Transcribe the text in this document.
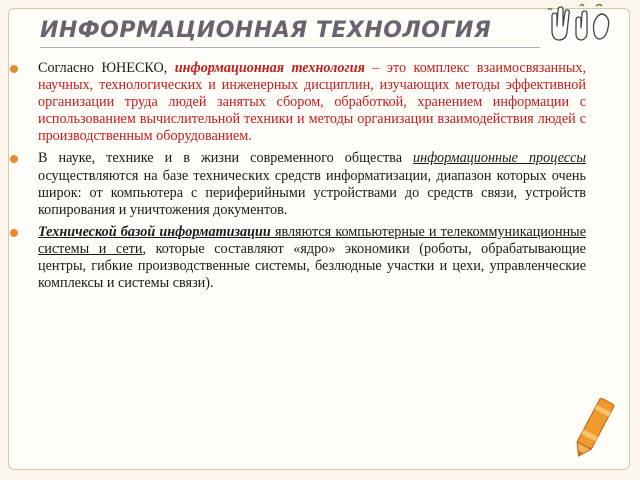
ИНФОРМАЦИОННАЯ ТЕХНОЛОГИЯ
Согласно ЮНЕСКО, информационная технология – это комплекс взаимосвязанных, научных, технологических и инженерных дисциплин, изучающих методы эффективной организации труда людей занятых сбором, обработкой, хранением информации с использованием вычислительной техники и методы организации взаимодействия людей с производственным оборудованием.
В науке, технике и в жизни современного общества информационные процессы осуществляются на базе технических средств информатизации, диапазон которых очень широк: от компьютера с периферийными устройствами до средств связи, устройств копирования и уничтожения документов.
Технической базой информатизации являются компьютерные и телекоммуникационные системы и сети, которые составляют «ядро» экономики (роботы, обрабатывающие центры, гибкие производственные системы, безлюдные участки и цехи, управленческие комплексы и системы связи).
